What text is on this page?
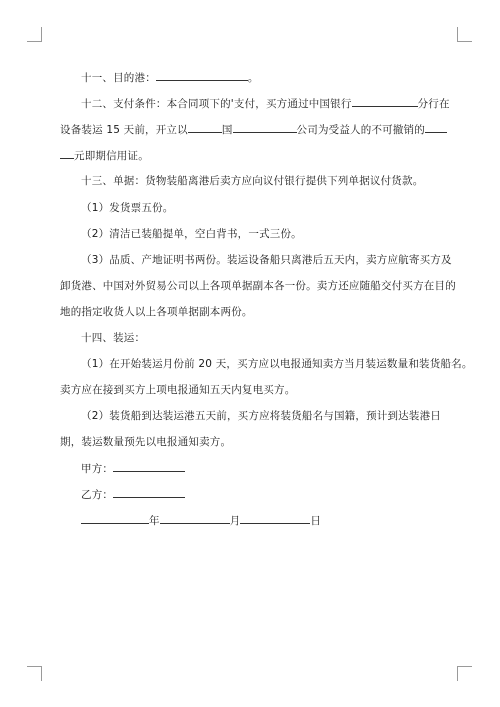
十一、目的港：	。
十二、支付条件：本合同项下的'支付，买方通过中国银行	分行在
设备装运 15 天前，开立以	国	公司为受益人的不可撤销的
元即期信用证。
十三、单据：货物装船离港后卖方应向议付银行提供下列单据议付货款。
（1）发货票五份。
（2）清洁已装船提单，空白背书，一式三份。
（3）品质、产地证明书两份。装运设备船只离港后五天内，卖方应航寄买方及
卸货港、中国对外贸易公司以上各项单据副本各一份。卖方还应随船交付买方在目的
地的指定收货人以上各项单据副本两份。
十四、装运：
（1）在开始装运月份前 20 天，买方应以电报通知卖方当月装运数量和装货船名。
卖方应在接到买方上项电报通知五天内复电买方。
（2）装货船到达装运港五天前，买方应将装货船名与国籍，预计到达装港日
期，装运数量预先以电报通知卖方。
甲方：
乙方：
年	月	日
